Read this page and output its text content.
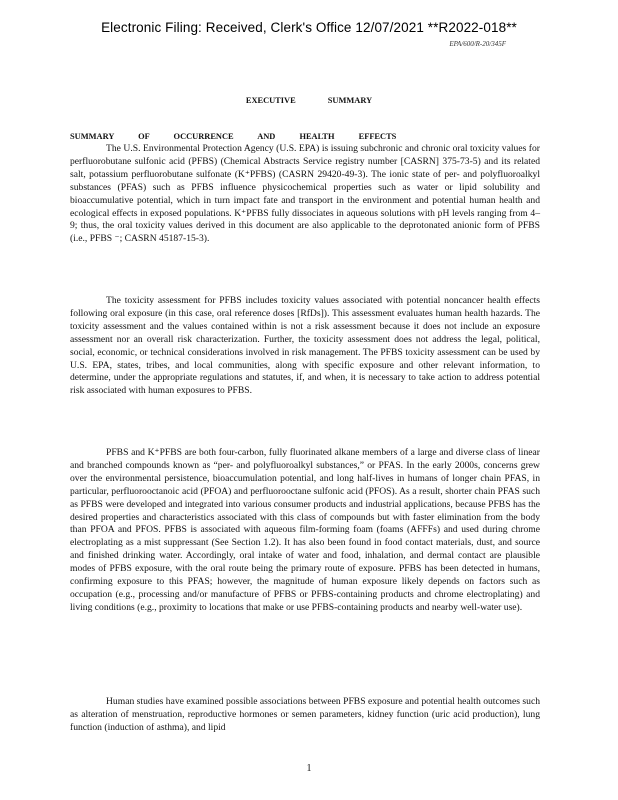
Electronic Filing: Received, Clerk's Office 12/07/2021 **R2022-018**
EPA/600/R-20/345F
EXECUTIVE SUMMARY
SUMMARY OF OCCURRENCE AND HEALTH EFFECTS
The U.S. Environmental Protection Agency (U.S. EPA) is issuing subchronic and chronic oral toxicity values for perfluorobutane sulfonic acid (PFBS) (Chemical Abstracts Service registry number [CASRN] 375-73-5) and its related salt, potassium perfluorobutane sulfonate (K⁺PFBS) (CASRN 29420-49-3). The ionic state of per- and polyfluoroalkyl substances (PFAS) such as PFBS influence physicochemical properties such as water or lipid solubility and bioaccumulative potential, which in turn impact fate and transport in the environment and potential human health and ecological effects in exposed populations. K⁺PFBS fully dissociates in aqueous solutions with pH levels ranging from 4–9; thus, the oral toxicity values derived in this document are also applicable to the deprotonated anionic form of PFBS (i.e., PFBS ⁻; CASRN 45187-15-3).
The toxicity assessment for PFBS includes toxicity values associated with potential noncancer health effects following oral exposure (in this case, oral reference doses [RfDs]). This assessment evaluates human health hazards. The toxicity assessment and the values contained within is not a risk assessment because it does not include an exposure assessment nor an overall risk characterization. Further, the toxicity assessment does not address the legal, political, social, economic, or technical considerations involved in risk management. The PFBS toxicity assessment can be used by U.S. EPA, states, tribes, and local communities, along with specific exposure and other relevant information, to determine, under the appropriate regulations and statutes, if, and when, it is necessary to take action to address potential risk associated with human exposures to PFBS.
PFBS and K⁺PFBS are both four-carbon, fully fluorinated alkane members of a large and diverse class of linear and branched compounds known as “per- and polyfluoroalkyl substances,” or PFAS. In the early 2000s, concerns grew over the environmental persistence, bioaccumulation potential, and long half-lives in humans of longer chain PFAS, in particular, perfluorooctanoic acid (PFOA) and perfluorooctane sulfonic acid (PFOS). As a result, shorter chain PFAS such as PFBS were developed and integrated into various consumer products and industrial applications, because PFBS has the desired properties and characteristics associated with this class of compounds but with faster elimination from the body than PFOA and PFOS. PFBS is associated with aqueous film-forming foam (foams (AFFFs) and used during chrome electroplating as a mist suppressant (See Section 1.2). It has also been found in food contact materials, dust, and source and finished drinking water. Accordingly, oral intake of water and food, inhalation, and dermal contact are plausible modes of PFBS exposure, with the oral route being the primary route of exposure. PFBS has been detected in humans, confirming exposure to this PFAS; however, the magnitude of human exposure likely depends on factors such as occupation (e.g., processing and/or manufacture of PFBS or PFBS-containing products and chrome electroplating) and living conditions (e.g., proximity to locations that make or use PFBS-containing products and nearby well-water use).
Human studies have examined possible associations between PFBS exposure and potential health outcomes such as alteration of menstruation, reproductive hormones or semen parameters, kidney function (uric acid production), lung function (induction of asthma), and lipid
1
